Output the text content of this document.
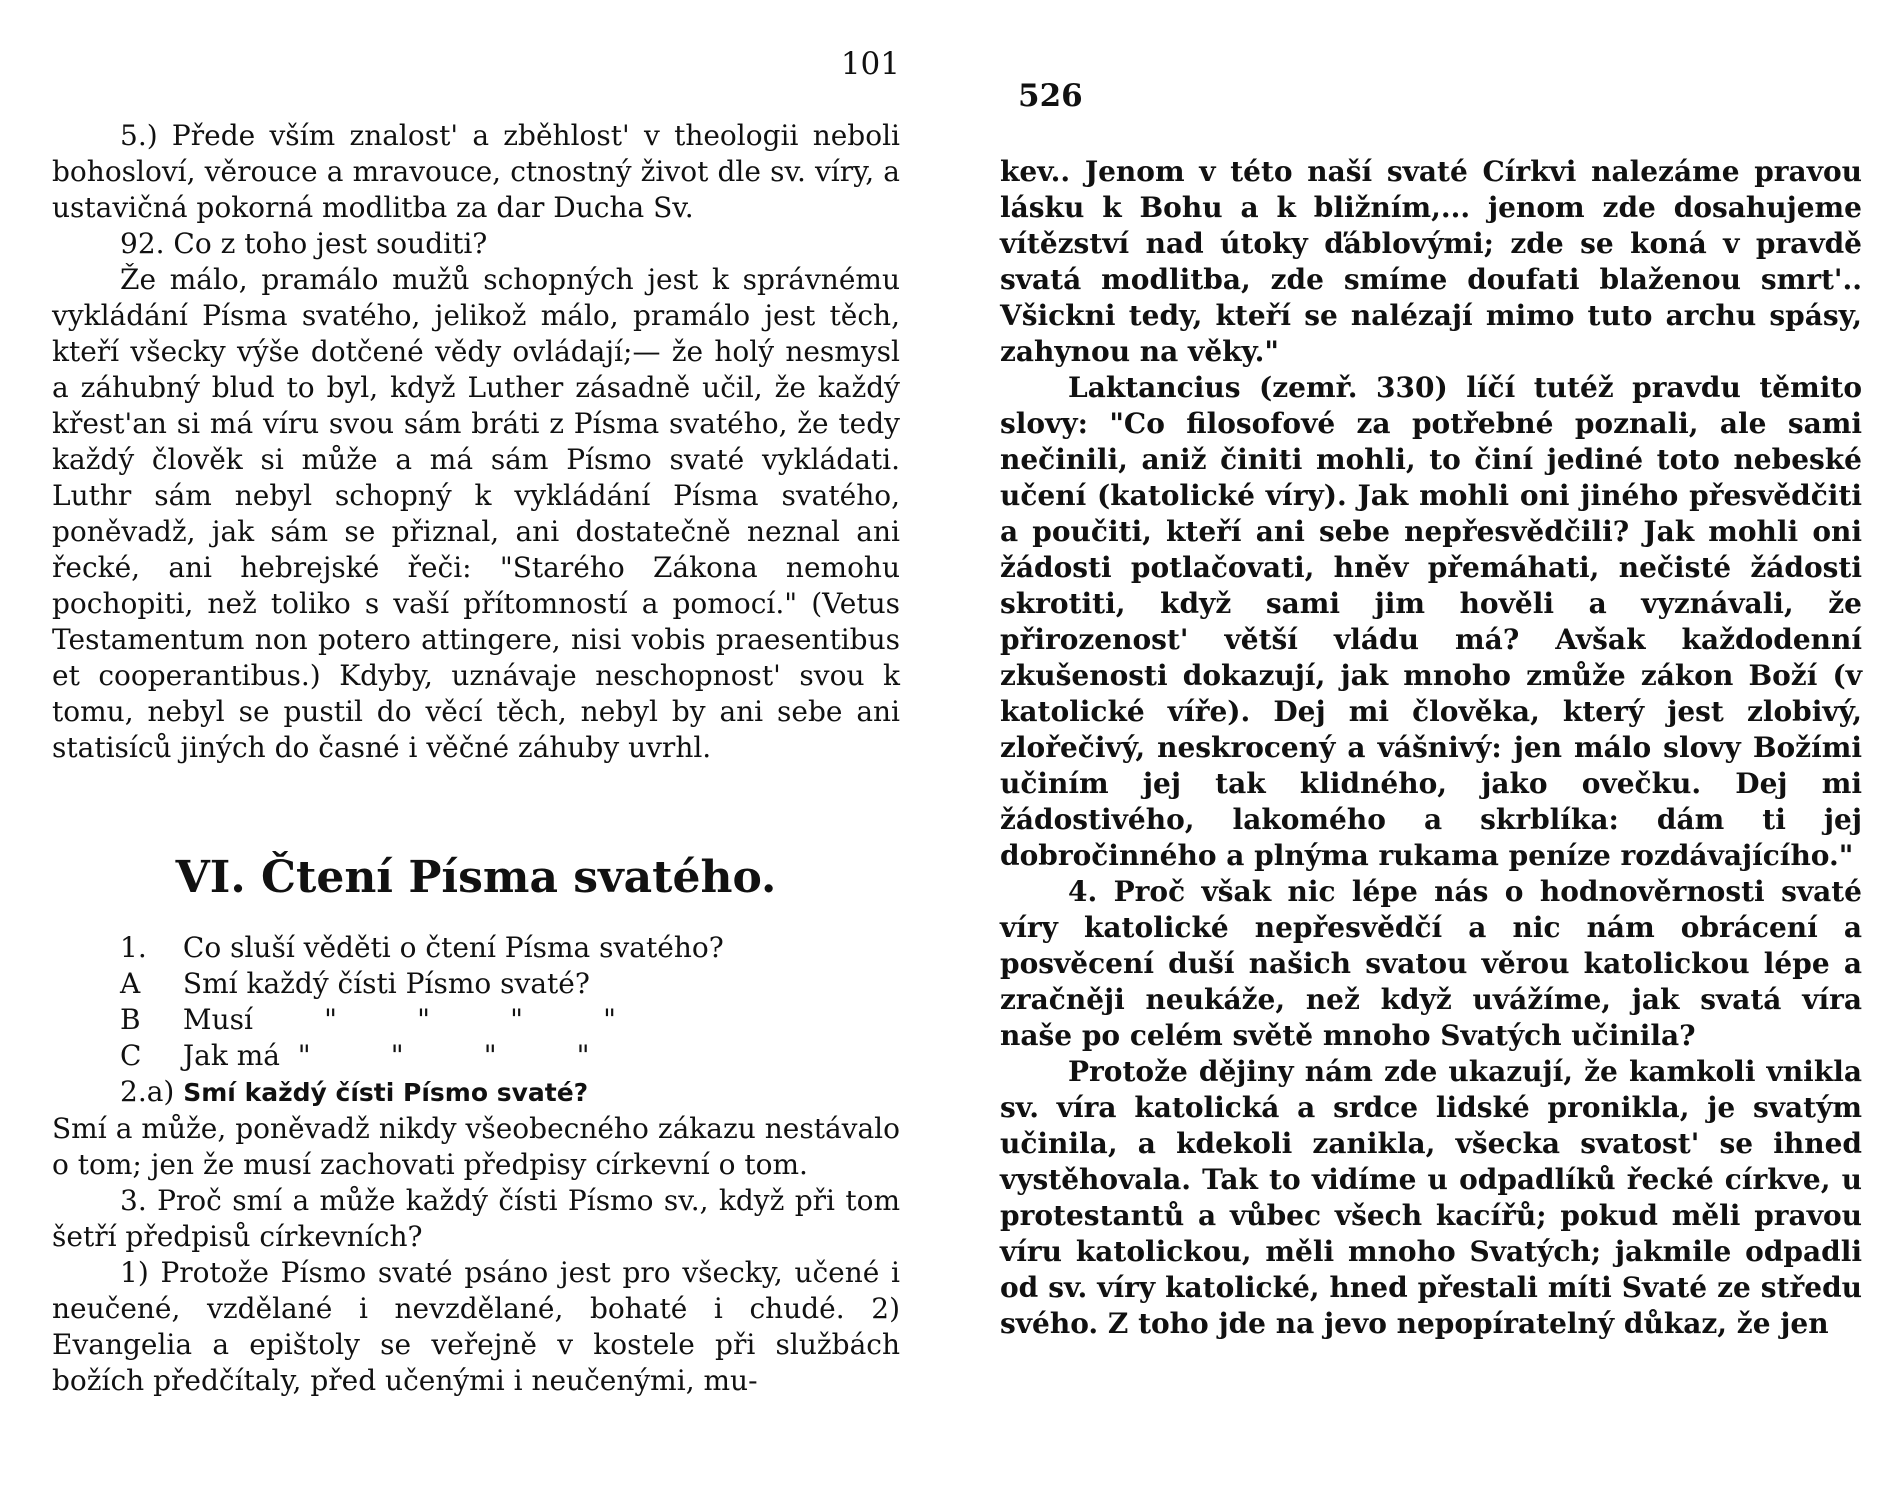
101

5.) Přede vším znalost' a zběhlost' v theologii neboli bohosloví, věrouce a mravouce, ctnostný život dle sv. víry, a ustavičná pokorná modlitba za dar Ducha Sv.

92. Co z toho jest souditi?

Že málo, pramálo mužů schopných jest k správnému vykládání Písma svatého, jelikož málo, pramálo jest těch, kteří všecky výše dotčené vědy ovládají;— že holý nesmysl a záhubný blud to byl, když Luther zásadně učil, že každý křest'an si má víru svou sám bráti z Písma svatého, že tedy každý člověk si může a má sám Písmo svaté vykládati. Luthr sám nebyl schopný k vykládání Písma svatého, poněvadž, jak sám se přiznal, ani dostatečně neznal ani řecké, ani hebrejské řeči: "Starého Zákona nemohu pochopiti, než toliko s vaší přítomností a pomocí." (Vetus Testamentum non potero attingere, nisi vobis praesentibus et cooperantibus.) Kdyby, uznávaje neschopnost' svou k tomu, nebyl se pustil do věcí těch, nebyl by ani sebe ani statisíců jiných do časné i věčné záhuby uvrhl.

VI. Čtení Písma svatého.

1. Co sluší věděti o čtení Písma svatého?

A Smí každý čísti Písmo svaté?

B Musí        "         "         "         "

C Jak má  "         "         "         "

2.a) Smí každý čísti Písmo svaté?

Smí a může, poněvadž nikdy všeobecného zákazu nestávalo o tom; jen že musí zachovati předpisy církevní o tom.

3. Proč smí a může každý čísti Písmo sv., když při tom šetří předpisů církevních?

1) Protože Písmo svaté psáno jest pro všecky, učené i neučené, vzdělané i nevzdělané, bohaté i chudé. 2) Evangelia a epištoly se veřejně v kostele při službách božích předčítaly, před učenými i neučenými, mu-

526

kev.. Jenom v této naší svaté Církvi nalezáme pravou lásku k Bohu a k bližním,... jenom zde dosahujeme vítězství nad útoky ďáblovými; zde se koná v pravdě svatá modlitba, zde smíme doufati blaženou smrt'.. Všickni tedy, kteří se nalézají mimo tuto archu spásy, zahynou na věky."

Laktancius (zemř. 330) líčí tutéž pravdu těmito slovy: "Co filosofové za potřebné poznali, ale sami nečinili, aniž činiti mohli, to činí jediné toto nebeské učení (katolické víry). Jak mohli oni jiného přesvědčiti a poučiti, kteří ani sebe nepřesvědčili? Jak mohli oni žádosti potlačovati, hněv přemáhati, nečisté žádosti skrotiti, když sami jim hověli a vyznávali, že přirozenost' větší vládu má? Avšak každodenní zkušenosti dokazují, jak mnoho zmůže zákon Boží (v katolické víře). Dej mi člověka, který jest zlobivý, zlořečivý, neskrocený a vášnivý: jen málo slovy Božími učiním jej tak klidného, jako ovečku. Dej mi žádostivého, lakomého a skrblíka: dám ti jej dobročinného a plnýma rukama peníze rozdávajícího."

4. Proč však nic lépe nás o hodnověrnosti svaté víry katolické nepřesvědčí a nic nám obrácení a posvěcení duší našich svatou věrou katolickou lépe a zračněji neukáže, než když uvážíme, jak svatá víra naše po celém světě mnoho Svatých učinila?

Protože dějiny nám zde ukazují, že kamkoli vnikla sv. víra katolická a srdce lidské pronikla, je svatým učinila, a kdekoli zanikla, všecka svatost' se ihned vystěhovala. Tak to vidíme u odpadlíků řecké církve, u protestantů a vůbec všech kacířů; pokud měli pravou víru katolickou, měli mnoho Svatých; jakmile odpadli od sv. víry katolické, hned přestali míti Svaté ze středu svého. Z toho jde na jevo nepopíratelný důkaz, že jen
